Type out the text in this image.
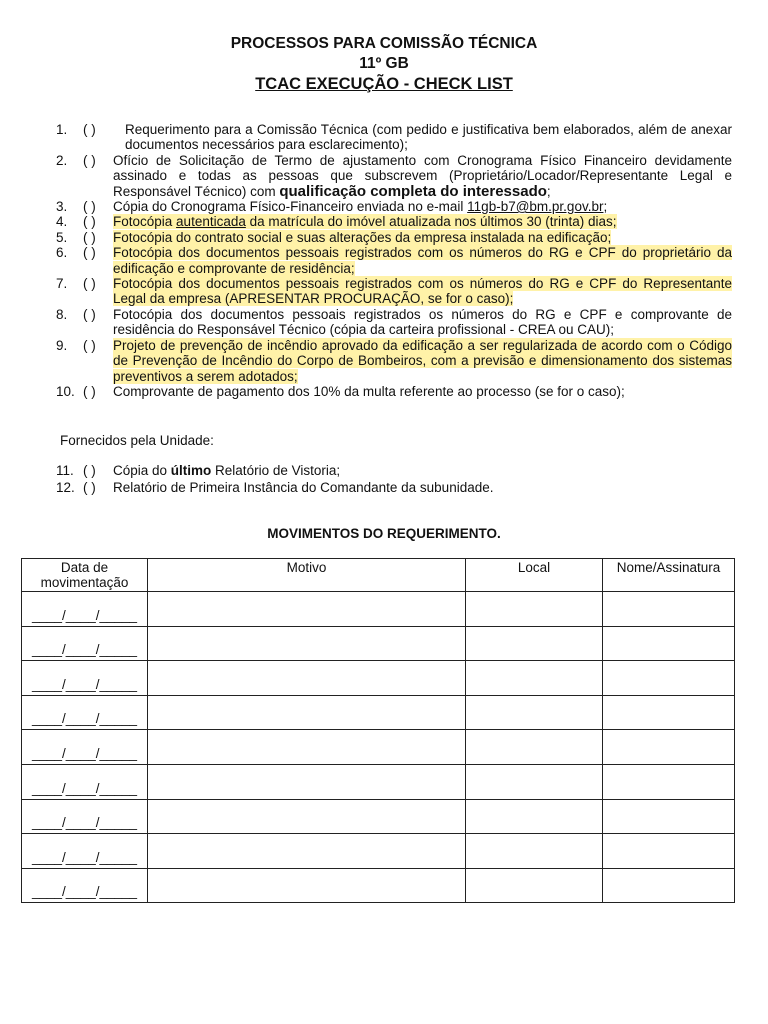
PROCESSOS PARA COMISSÃO TÉCNICA
11º GB
TCAC EXECUÇÃO - CHECK LIST
1.	( )	Requerimento para a Comissão Técnica (com pedido e justificativa bem elaborados, além de anexar documentos necessários para esclarecimento);
2.	( )	Ofício de Solicitação de Termo de ajustamento com Cronograma Físico Financeiro devidamente assinado e todas as pessoas que subscrevem (Proprietário/Locador/Representante Legal e Responsável Técnico) com qualificação completa do interessado;
3.	( )	Cópia do Cronograma Físico-Financeiro enviada no e-mail 11gb-b7@bm.pr.gov.br;
4.	( )	Fotocópia autenticada da matrícula do imóvel atualizada nos últimos 30 (trinta) dias;
5.	( )	Fotocópia do contrato social e suas alterações da empresa instalada na edificação;
6.	( )	Fotocópia dos documentos pessoais registrados com os números do RG e CPF do proprietário da edificação e comprovante de residência;
7.	( )	Fotocópia dos documentos pessoais registrados com os números do RG e CPF do Representante Legal da empresa (APRESENTAR PROCURAÇÃO, se for o caso);
8.	( )	Fotocópia dos documentos pessoais registrados os números do RG e CPF e comprovante de residência do Responsável Técnico (cópia da carteira profissional - CREA ou CAU);
9.	( )	Projeto de prevenção de incêndio aprovado da edificação a ser regularizada de acordo com o Código de Prevenção de Incêndio do Corpo de Bombeiros, com a previsão e dimensionamento dos sistemas preventivos a serem adotados;
10. ( )	Comprovante de pagamento dos 10% da multa referente ao processo (se for o caso);
Fornecidos pela Unidade:
11. ( )	Cópia do último Relatório de Vistoria;
12. ( )	Relatório de Primeira Instância do Comandante da subunidade.
MOVIMENTOS DO REQUERIMENTO.
Data de movimentação	Motivo	Local	Nome/Assinatura
____/____/_____			
____/____/_____			
____/____/_____			
____/____/_____			
____/____/_____			
____/____/_____			
____/____/_____			
____/____/_____			
____/____/_____			
